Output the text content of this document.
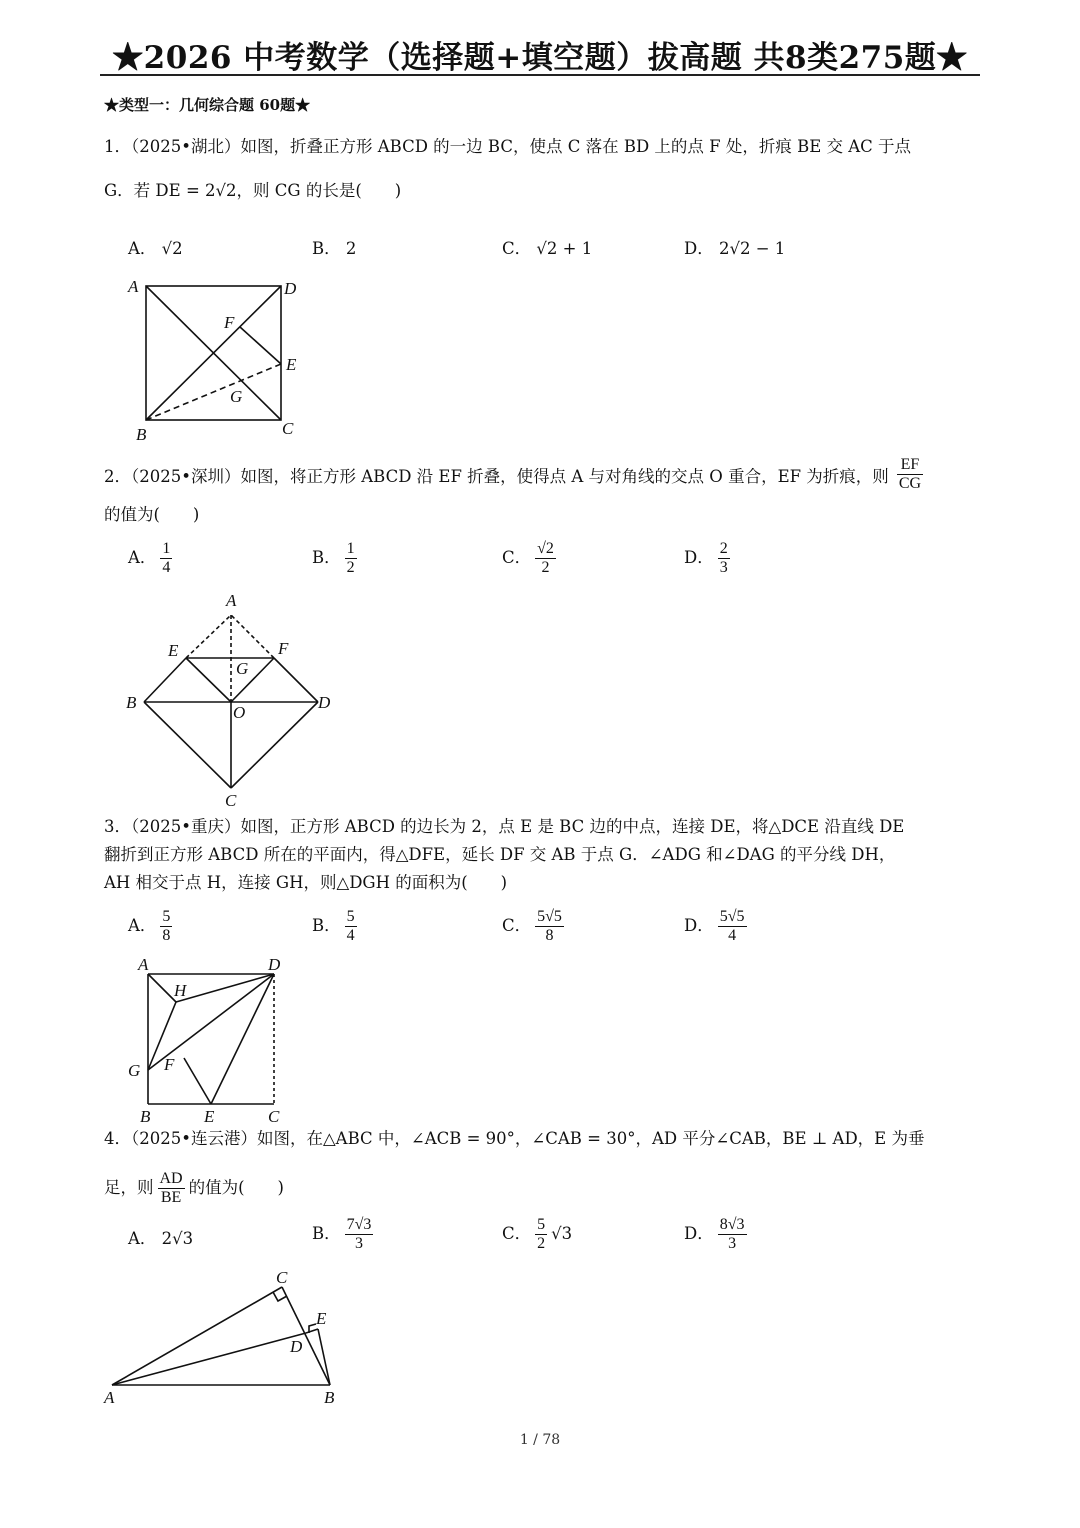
★2026 中考数学（选择题+填空题）拔高题 共8类275题★
★类型一：几何综合题 60题★
1．（2025•湖北）如图，折叠正方形 ABCD 的一边 BC，使点 C 落在 BD 上的点 F 处，折痕 BE 交 AC 于点
G．若 DE = 2√2，则 CG 的长是(　　)
A． √2	B． 2	C． √2 + 1	D． 2√2 − 1
A	D
F
E
G
B	C
2．（2025•深圳）如图，将正方形 ABCD 沿 EF 折叠，使得点 A 与对角线的交点 O 重合，EF 为折痕，则 $\frac{EF}{CG}$
的值为(　　)
A． $\frac{1}{4}$	B． $\frac{1}{2}$	C． $\frac{√2}{2}$	D． $\frac{2}{3}$
A
E	F
G
B
O
D
C
3．（2025•重庆）如图，正方形 ABCD 的边长为 2，点 E 是 BC 边的中点，连接 DE，将△DCE 沿直线 DE
翻折到正方形 ABCD 所在的平面内，得△DFE，延长 DF 交 AB 于点 G．∠ADG 和∠DAG 的平分线 DH，
AH 相交于点 H，连接 GH，则△DGH 的面积为(　　)
A． $\frac{5}{8}$	B． $\frac{5}{4}$	C． $\frac{5√5}{8}$	D． $\frac{5√5}{4}$
A	D
H
F
G
B	E	C
4．（2025•连云港）如图，在△ABC 中，∠ACB = 90°，∠CAB = 30°，AD 平分∠CAB，BE ⊥ AD，E 为垂
足，则 $\frac{AD}{BE}$ 的值为(　　)
A． 2√3	B． $\frac{7√3}{3}$	C． $\frac{5}{2} √3$	D． $\frac{8√3}{3}$
C
E
D
A	B
1 / 78
